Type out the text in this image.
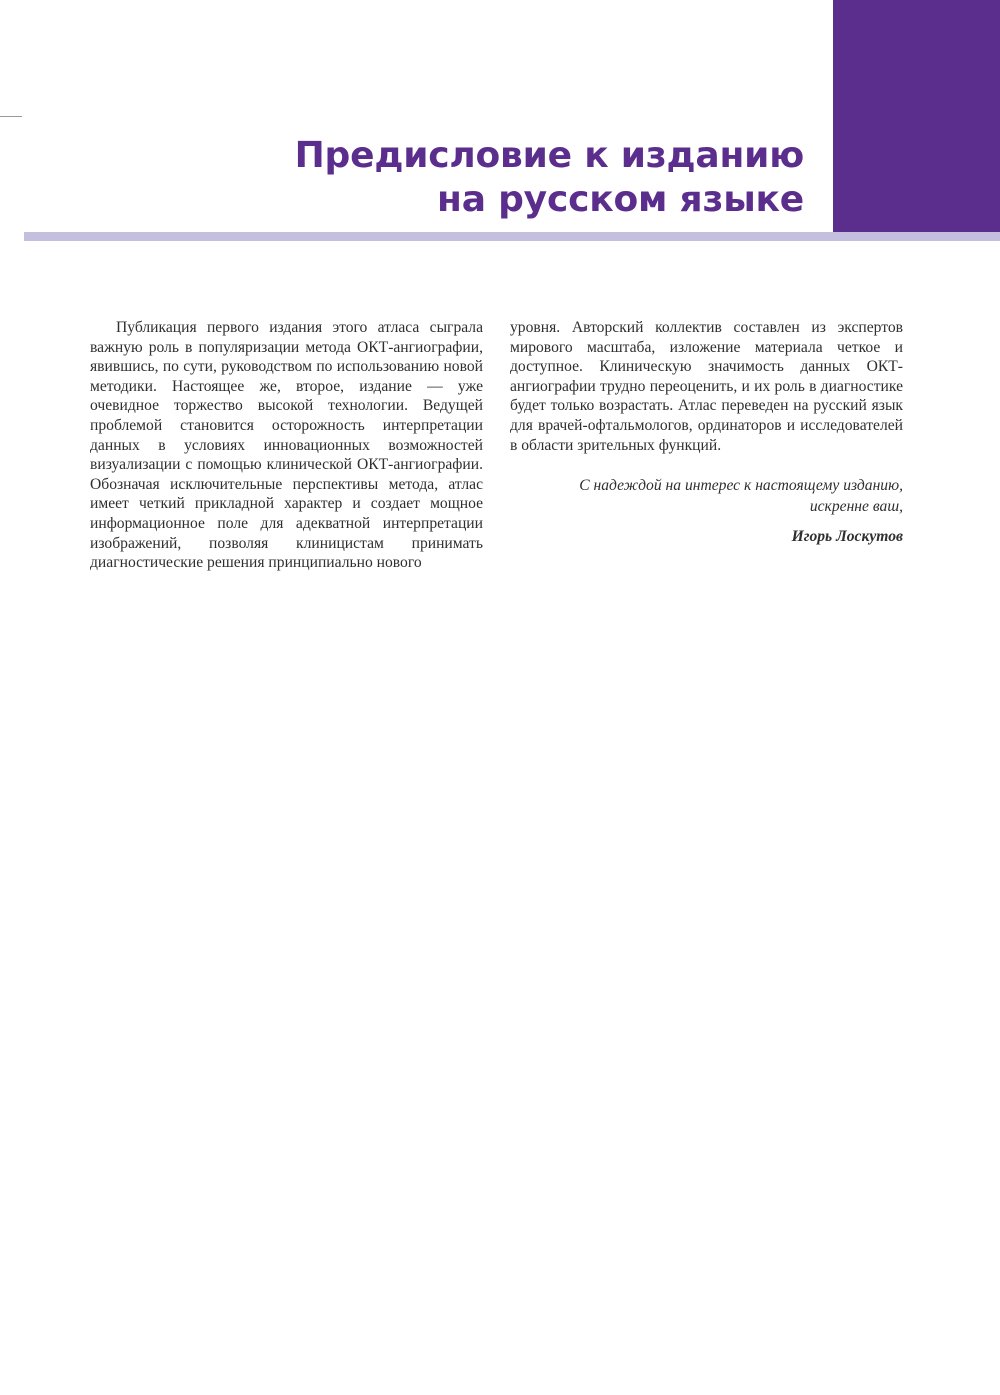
Предисловие к изданию
на русском языке

Публикация первого издания этого атласа сыграла важную роль в популяризации метода ОКТ-ангиографии, явившись, по сути, руководством по использованию новой методики. Настоящее же, второе, издание — уже очевидное торжество высокой технологии. Ведущей проблемой становится осторожность интерпретации данных в условиях инновационных возможностей визуализации с помощью клинической ОКТ-ангиографии. Обозначая исключительные перспективы метода, атлас имеет четкий прикладной характер и создает мощное информационное поле для адекватной интерпретации изображений, позволяя клиницистам принимать диагностические решения принципиально нового

уровня. Авторский коллектив составлен из экспертов мирового масштаба, изложение материала четкое и доступное. Клиническую значимость данных ОКТ-ангиографии трудно переоценить, и их роль в диагностике будет только возрастать. Атлас переведен на русский язык для врачей-офтальмологов, ординаторов и исследователей в области зрительных функций.

С надеждой на интерес к настоящему изданию,
искренне ваш,

Игорь Лоскутов
